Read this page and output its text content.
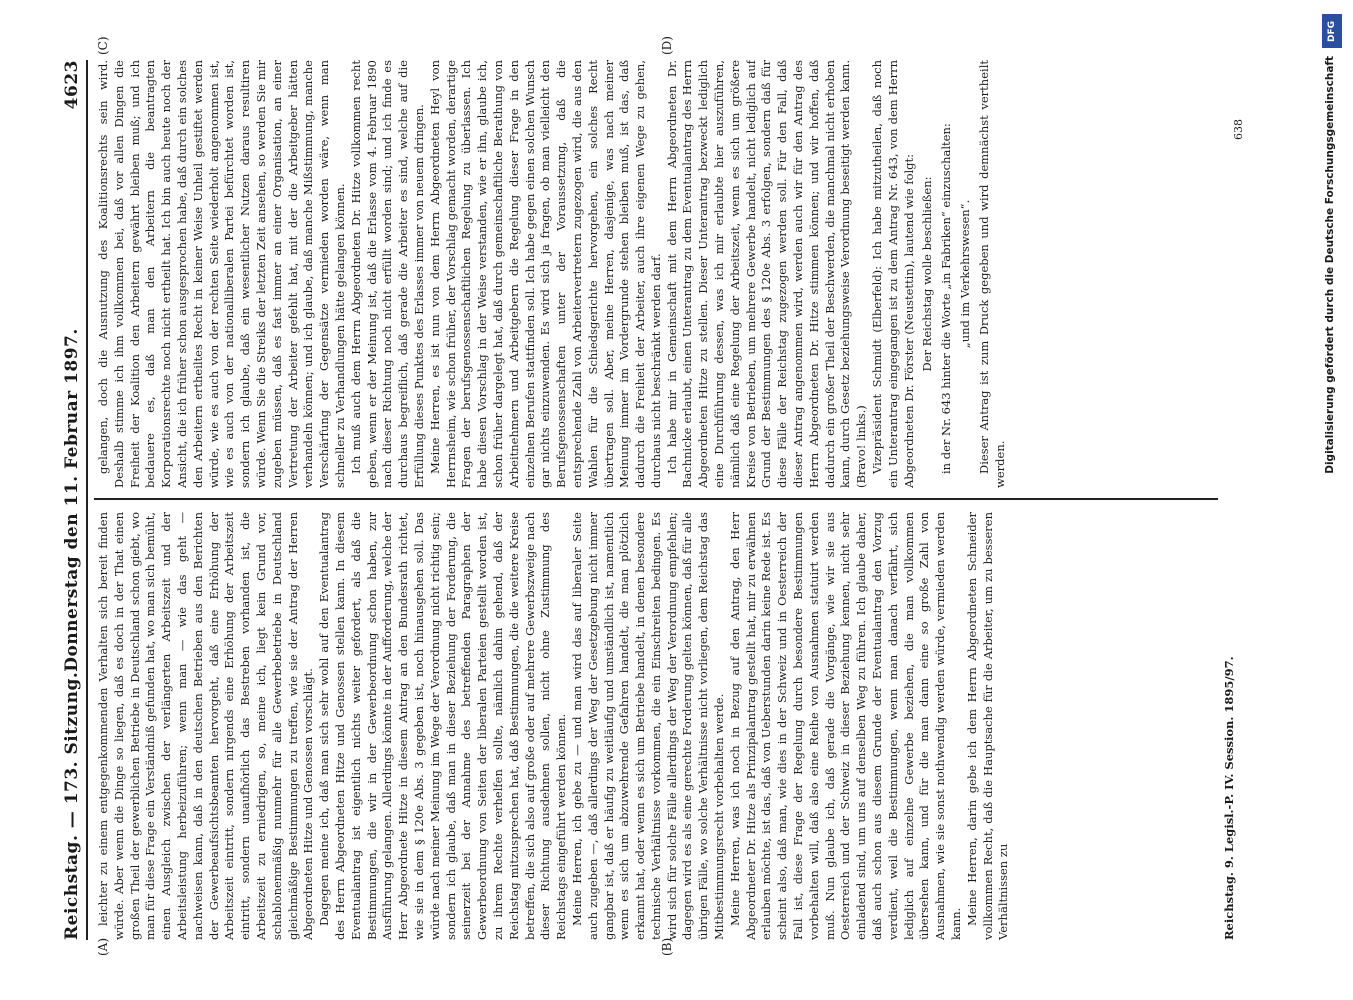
Reichstag. — 173. Sitzung.
Donnerstag den 11. Februar 1897.
4623
(A)	(B)
(C)	(D)

leichter zu einem entgegenkommenden Verhalten sich bereit finden würde. Aber wenn die Dinge so liegen, daß es doch in der That einen großen Theil der gewerblichen Betriebe in Deutschland schon giebt, wo man für diese Frage ein Verständniß gefunden hat, wo man sich bemüht, einen Ausgleich zwischen der verlängerten Arbeitszeit und der Arbeitsleistung herbeizuführen; wenn man — wie das geht — nachweisen kann, daß in den deutschen Betrieben aus den Berichten der Gewerbeaufsichtsbeamten hervorgeht, daß eine Erhöhung der Arbeitszeit eintritt, sondern nirgends eine Erhöhung der Arbeitszeit eintritt, sondern unaufhörlich das Bestreben vorhanden ist, die Arbeitszeit zu erniedrigen, so, meine ich, liegt kein Grund vor, schablonenmäßig nunmehr für alle Gewerbebetriebe in Deutschland gleichmäßige Bestimmungen zu treffen, wie sie der Antrag der Herren Abgeordneten Hitze und Genossen vorschlägt. Dagegen meine ich, daß man sich sehr wohl auf den Eventualantrag des Herrn Abgeordneten Hitze und Genossen stellen kann. In diesem Eventualantrag ist eigentlich nichts weiter gefordert, als daß die Bestimmungen, die wir in der Gewerbeordnung schon haben, zur Ausführung gelangen. Allerdings könnte in der Aufforderung, welche der Herr Abgeordnete Hitze in diesem Antrag an den Bundesrath richtet, wie sie in dem § 120e Abs. 3 gegeben ist, noch hinausgehen soll. Das würde nach meiner Meinung im Wege der Verordnung nicht richtig sein; sondern ich glaube, daß man in dieser Beziehung der Forderung, die seinerzeit bei der Annahme des betreffenden Paragraphen der Gewerbeordnung von Seiten der liberalen Parteien gestellt worden ist, zu ihrem Rechte verhelfen sollte, nämlich dahin gehend, daß der Reichstag mitzusprechen hat, daß Bestimmungen, die die weitere Kreise betreffen, die sich also auf große oder auf mehrere Gewerbszweige nach dieser Richtung ausdehnen sollen, nicht ohne Zustimmung des Reichstags eingeführt werden können. Meine Herren, ich gebe zu — und man wird das auf liberaler Seite auch zugeben —, daß allerdings der Weg der Gesetzgebung nicht immer gangbar ist, daß er häufig zu weitläufig und umständlich ist, namentlich wenn es sich um abzuwehrende Gefahren handelt, die man plötzlich erkannt hat, oder wenn es sich um Betriebe handelt, in denen besondere technische Verhältnisse vorkommen, die ein Einschreiten bedingen. Es wird sich für solche Fälle allerdings der Weg der Verordnung empfehlen; dagegen wird es als eine gerechte Forderung gelten können, daß für alle übrigen Fälle, wo solche Verhältnisse nicht vorliegen, dem Reichstag das Mitbestimmungsrecht vorbehalten werde. Meine Herren, was ich noch in Bezug auf den Antrag, den Herr Abgeordneter Dr. Hitze als Prinzipalantrag gestellt hat, mir zu erwähnen erlauben möchte, ist das, daß von Ueberstunden darin keine Rede ist. Es scheint also, daß man, wie dies in der Schweiz und in Oesterreich der Fall ist, diese Frage der Regelung durch besondere Bestimmungen vorbehalten will, daß also eine Reihe von Ausnahmen statuirt werden muß. Nun glaube ich, daß gerade die Vorgänge, wie wir sie aus Oesterreich und der Schweiz in dieser Beziehung kennen, nicht sehr einladend sind, um uns auf denselben Weg zu führen. Ich glaube daher, daß auch schon aus diesem Grunde der Eventualantrag den Vorzug verdient, weil die Bestimmungen, wenn man danach verfährt, sich lediglich auf einzelne Gewerbe beziehen, die man vollkommen übersehen kann, und für die man dann eine so große Zahl von Ausnahmen, wie sie sonst nothwendig werden würde, vermieden werden kann. Meine Herren, darin gebe ich dem Herrn Abgeordneten Schneider vollkommen Recht, daß die Hauptsache für die Arbeiter, um zu besseren Verhältnissen zu

gelangen, doch die Ausnutzung des Koalitionsrechts sein wird. Deshalb stimme ich ihm vollkommen bei, daß vor allen Dingen die Freiheit der Koalition den Arbeitern gewährt bleiben muß; und ich bedauere es, daß man den Arbeitern die beantragten Korporationsrechte noch nicht ertheilt hat. Ich bin auch heute noch der Ansicht, die ich früher schon ausgesprochen habe, daß durch ein solches den Arbeitern ertheiltes Recht in keiner Weise Unheil gestiftet werden würde, wie es auch von der rechten Seite wiederholt angenommen ist, wie es auch von der nationalliberalen Partei befürchtet worden ist, sondern ich glaube, daß ein wesentlicher Nutzen daraus resultiren würde. Wenn Sie die Streiks der letzten Zeit ansehen, so werden Sie mir zugeben müssen, daß es fast immer an einer Organisation, an einer Vertretung der Arbeiter gefehlt hat, mit der die Arbeitgeber hätten verhandeln können; und ich glaube, daß manche Mißstimmung, manche Verschärfung der Gegensätze vermieden worden wäre, wenn man schneller zu Verhandlungen hätte gelangen können. Ich muß auch dem Herrn Abgeordneten Dr. Hitze vollkommen recht geben, wenn er der Meinung ist, daß die Erlasse vom 4. Februar 1890 nach dieser Richtung noch nicht erfüllt worden sind; und ich finde es durchaus begreiflich, daß gerade die Arbeiter es sind, welche auf die Erfüllung dieses Punktes des Erlasses immer von neuem dringen. Meine Herren, es ist nun von dem Herrn Abgeordneten Heyl von Herrnsheim, wie schon früher, der Vorschlag gemacht worden, derartige Fragen der berufsgenossenschaftlichen Regelung zu überlassen. Ich habe diesen Vorschlag in der Weise verstanden, wie er ihn, glaube ich, schon früher dargelegt hat, daß durch gemeinschaftliche Berathung von Arbeitnehmern und Arbeitgebern die Regelung dieser Frage in den einzelnen Berufen stattfinden soll. Ich habe gegen einen solchen Wunsch gar nichts einzuwenden. Es wird sich ja fragen, ob man vielleicht den Berufsgenossenschaften unter der Voraussetzung, daß die entsprechende Zahl von Arbeitervertretern zugezogen wird, die aus den Wahlen für die Schiedsgerichte hervorgehen, ein solches Recht übertragen soll. Aber, meine Herren, dasjenige, was nach meiner Meinung immer im Vordergrunde stehen bleiben muß, ist das, daß dadurch die Freiheit der Arbeiter, auch ihre eigenen Wege zu gehen, durchaus nicht beschränkt werden darf. Ich habe mir in Gemeinschaft mit dem Herrn Abgeordneten Dr. Bachnicke erlaubt, einen Unterantrag zu dem Eventualantrag des Herrn Abgeordneten Hitze zu stellen. Dieser Unterantrag bezweckt lediglich eine Durchführung dessen, was ich mir erlaubte hier auszuführen, nämlich daß eine Regelung der Arbeitszeit, wenn es sich um größere Kreise von Betrieben, um mehrere Gewerbe handelt, nicht lediglich auf Grund der Bestimmungen des § 120e Abs. 3 erfolgen, sondern daß für diese Fälle der Reichstag zugezogen werden soll. Für den Fall, daß dieser Antrag angenommen wird, werden auch wir für den Antrag des Herrn Abgeordneten Dr. Hitze stimmen können; und wir hoffen, daß dadurch ein großer Theil der Beschwerden, die manchmal nicht erhoben kann, durch Gesetz beziehungsweise Verordnung beseitigt werden kann. (Bravo! links.) Vizepräsident Schmidt (Elberfeld): Ich habe mitzutheilen, daß noch ein Unterantrag eingegangen ist zu dem Antrag Nr. 643, von dem Herrn Abgeordneten Dr. Förster (Neustettin), lautend wie folgt: Der Reichstag wolle beschließen: in der Nr. 643 hinter die Worte „in Fabriken“ einzuschalten: „und im Verkehrswesen“. Dieser Antrag ist zum Druck gegeben und wird demnächst vertheilt werden.

Reichstag. 9. Legisl.-P. IV. Session. 1895/97.
638
DFG
Digitalisierung gefördert durch die Deutsche Forschungsgemeinschaft
